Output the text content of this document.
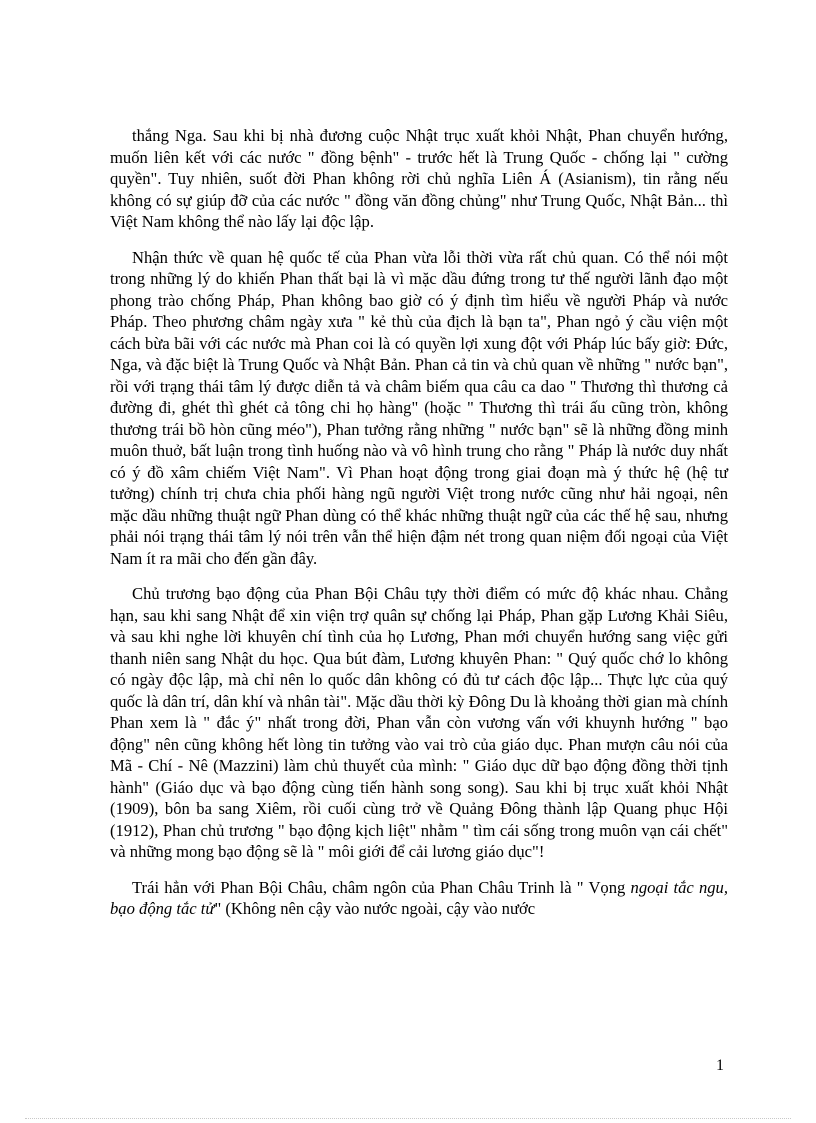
thắng Nga. Sau khi bị nhà đương cuộc Nhật trục xuất khỏi Nhật, Phan chuyển hướng, muốn liên kết với các nước " đồng bệnh" - trước hết là Trung Quốc - chống lại " cường quyền". Tuy nhiên, suốt đời Phan không rời chủ nghĩa Liên Á (Asianism), tin rằng nếu không có sự giúp đỡ của các nước " đồng văn đồng chủng" như Trung Quốc, Nhật Bản... thì Việt Nam không thể nào lấy lại độc lập.

Nhận thức về quan hệ quốc tế của Phan vừa lỗi thời vừa rất chủ quan. Có thể nói một trong những lý do khiến Phan thất bại là vì mặc dầu đứng trong tư thế người lãnh đạo một phong trào chống Pháp, Phan không bao giờ có ý định tìm hiểu về người Pháp và nước Pháp. Theo phương châm ngày xưa " kẻ thù của địch là bạn ta", Phan ngỏ ý cầu viện một cách bừa bãi với các nước mà Phan coi là có quyền lợi xung đột với Pháp lúc bấy giờ: Đức, Nga, và đặc biệt là Trung Quốc và Nhật Bản. Phan cả tin và chủ quan về những " nước bạn", rồi với trạng thái tâm lý được diễn tả và châm biếm qua câu ca dao " Thương thì thương cả đường đi, ghét thì ghét cả tông chi họ hàng" (hoặc " Thương thì trái ấu cũng tròn, không thương trái bồ hòn cũng méo"), Phan tưởng rằng những " nước bạn" sẽ là những đồng minh muôn thuở, bất luận trong tình huống nào và vô hình trung cho rằng " Pháp là nước duy nhất có ý đồ xâm chiếm Việt Nam". Vì Phan hoạt động trong giai đoạn mà ý thức hệ (hệ tư tưởng) chính trị chưa chia phối hàng ngũ người Việt trong nước cũng như hải ngoại, nên mặc dầu những thuật ngữ Phan dùng có thể khác những thuật ngữ của các thế hệ sau, nhưng phải nói trạng thái tâm lý nói trên vẫn thể hiện đậm nét trong quan niệm đối ngoại của Việt Nam ít ra mãi cho đến gần đây.

Chủ trương bạo động của Phan Bội Châu tựy thời điểm có mức độ khác nhau. Chẳng hạn, sau khi sang Nhật để xin viện trợ quân sự chống lại Pháp, Phan gặp Lương Khải Siêu, và sau khi nghe lời khuyên chí tình của họ Lương, Phan mới chuyển hướng sang việc gửi thanh niên sang Nhật du học. Qua bút đàm, Lương khuyên Phan: " Quý quốc chớ lo không có ngày độc lập, mà chỉ nên lo quốc dân không có đủ tư cách độc lập... Thực lực của quý quốc là dân trí, dân khí và nhân tài". Mặc dầu thời kỳ Đông Du là khoảng thời gian mà chính Phan xem là " đắc ý" nhất trong đời, Phan vẫn còn vương vấn với khuynh hướng " bạo động" nên cũng không hết lòng tin tưởng vào vai trò của giáo dục. Phan mượn câu nói của Mã - Chí - Nê (Mazzini) làm chủ thuyết của mình: " Giáo dục dữ bạo động đồng thời tịnh hành" (Giáo dục và bạo động cùng tiến hành song song). Sau khi bị trục xuất khỏi Nhật (1909), bôn ba sang Xiêm, rồi cuối cùng trở về Quảng Đông thành lập Quang phục Hội (1912), Phan chủ trương " bạo động kịch liệt" nhằm " tìm cái sống trong muôn vạn cái chết" và những mong bạo động sẽ là " môi giới để cải lương giáo dục"!

Trái hẳn với Phan Bội Châu, châm ngôn của Phan Châu Trinh là " Vọng ngoại tắc ngu, bạo động tắc tử" (Không nên cậy vào nước ngoài, cậy vào nước

1
